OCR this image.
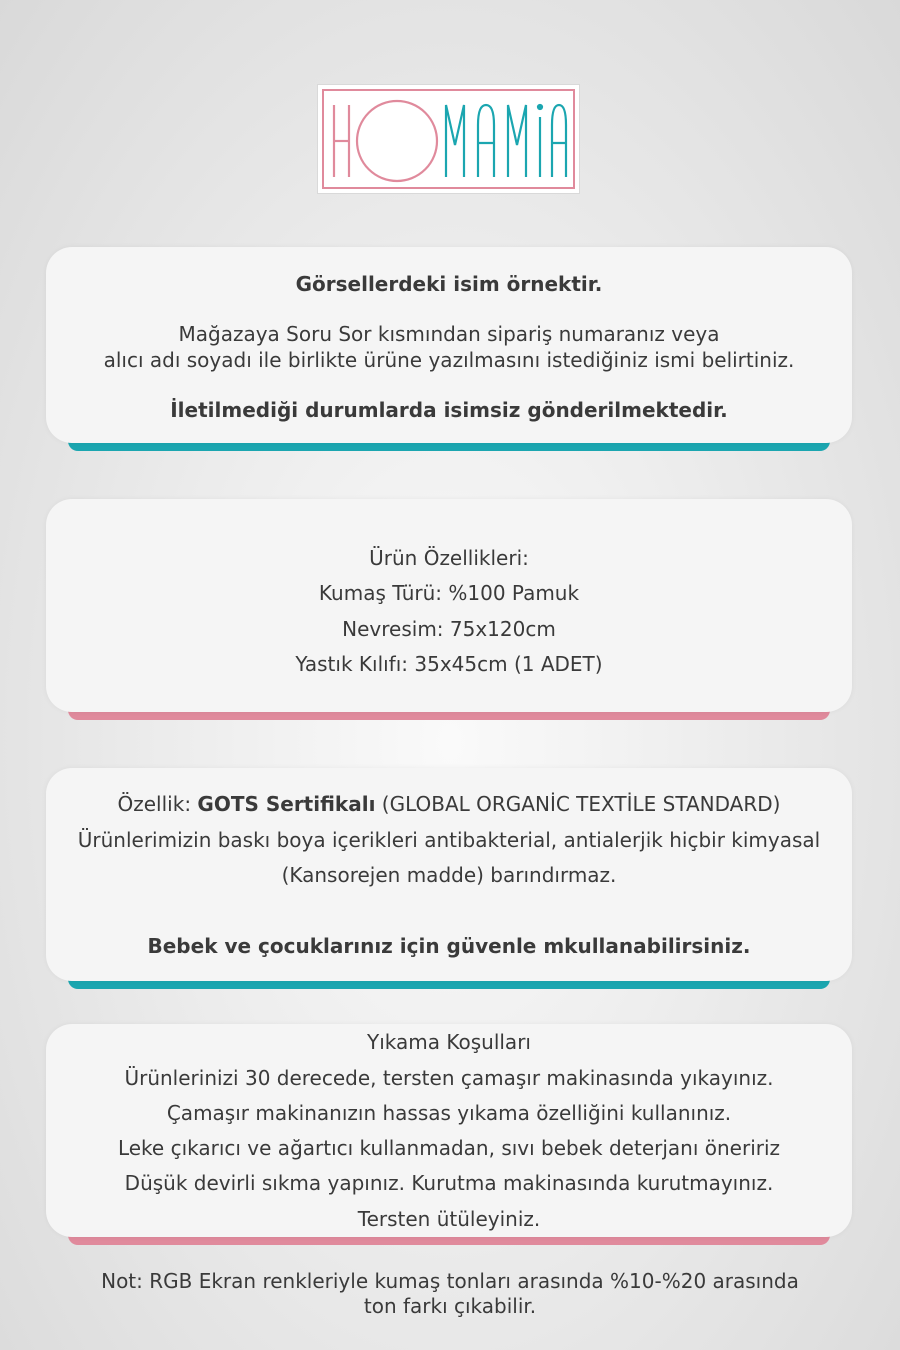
Görsellerdeki isim örnektir.
Mağazaya Soru Sor kısmından sipariş numaranız veya
alıcı adı soyadı ile birlikte ürüne yazılmasını istediğiniz ismi belirtiniz.
İletilmediği durumlarda isimsiz gönderilmektedir.
Ürün Özellikleri:
Kumaş Türü: %100 Pamuk
Nevresim: 75x120cm
Yastık Kılıfı: 35x45cm (1 ADET)
Özellik: GOTS Sertifikalı (GLOBAL ORGANİC TEXTİLE STANDARD)
Ürünlerimizin baskı boya içerikleri antibakterial, antialerjik hiçbir kimyasal
(Kansorejen madde) barındırmaz.
Bebek ve çocuklarınız için güvenle mkullanabilirsiniz.
Yıkama Koşulları
Ürünlerinizi 30 derecede, tersten çamaşır makinasında yıkayınız.
Çamaşır makinanızın hassas yıkama özelliğini kullanınız.
Leke çıkarıcı ve ağartıcı kullanmadan, sıvı bebek deterjanı öneririz
Düşük devirli sıkma yapınız. Kurutma makinasında kurutmayınız.
Tersten ütüleyiniz.
Not: RGB Ekran renkleriyle kumaş tonları arasında %10-%20 arasında
ton farkı çıkabilir.
